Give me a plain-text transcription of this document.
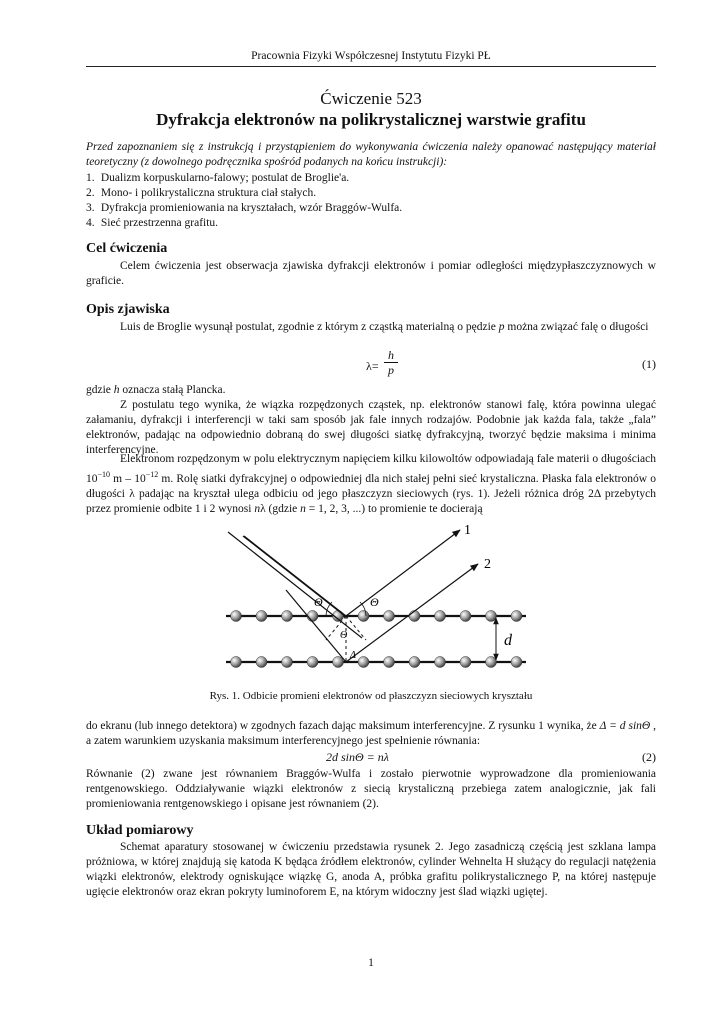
Pracownia Fizyki Współczesnej Instytutu Fizyki PŁ
Ćwiczenie 523
Dyfrakcja elektronów na polikrystalicznej warstwie grafitu

Przed zapoznaniem się z instrukcją i przystąpieniem do wykonywania ćwiczenia należy opanować następujący materiał teoretyczny (z dowolnego podręcznika spośród podanych na końcu instrukcji):

1. Dualizm korpuskularno-falowy; postulat de Broglie'a.
2. Mono- i polikrystaliczna struktura ciał stałych.
3. Dyfrakcja promieniowania na kryształach, wzór Braggów-Wulfa.
4. Sieć przestrzenna grafitu.
Cel ćwiczenia

Celem ćwiczenia jest obserwacja zjawiska dyfrakcji elektronów i pomiar odległości międzypłaszczyznowych w graficie.

Opis zjawiska

Luis de Broglie wysunął postulat, zgodnie z którym z cząstką materialną o pędzie p można związać falę o długości

$\lambda= \frac{h}{p}$	(1)

gdzie h oznacza stałą Plancka.

Z postulatu tego wynika, że wiązka rozpędzonych cząstek, np. elektronów stanowi falę, która powinna ulegać załamaniu, dyfrakcji i interferencji w taki sam sposób jak fale innych rodzajów. Podobnie jak każda fala, także „fala” elektronów, padając na odpowiednio dobraną do swej długości siatkę dyfrakcyjną, tworzyć będzie maksima i minima interferencyjne.

Elektronom rozpędzonym w polu elektrycznym napięciem kilku kilowoltów odpowiadają fale materii o długościach $10^{-10}$ m – $10^{-12}$ m. Rolę siatki dyfrakcyjnej o odpowiedniej dla nich stałej pełni sieć krystaliczna. Płaska fala elektronów o długości λ padając na kryształ ulega odbiciu od jego płaszczyzn sieciowych (rys. 1). Jeżeli różnica dróg 2Δ przebytych przez promienie odbite 1 i 2 wynosi nλ (gdzie n = 1, 2, 3, ...) to promienie te docierają

1
2
Θ	Θ
Θ
Δ
d
Rys. 1. Odbicie promieni elektronów od płaszczyzn sieciowych kryształu

do ekranu (lub innego detektora) w zgodnych fazach dając maksimum interferencyjne. Z rysunku 1 wynika, że Δ = d sinΘ , a zatem warunkiem uzyskania maksimum interferencyjnego jest spełnienie równania:

2d sinΘ = nλ	(2)

Równanie (2) zwane jest równaniem Braggów-Wulfa i zostało pierwotnie wyprowadzone dla promieniowania rentgenowskiego. Oddziaływanie wiązki elektronów z siecią krystaliczną przebiega zatem analogicznie, jak fali promieniowania rentgenowskiego i opisane jest równaniem (2).

Układ pomiarowy

Schemat aparatury stosowanej w ćwiczeniu przedstawia rysunek 2. Jego zasadniczą częścią jest szklana lampa próżniowa, w której znajdują się katoda K będąca źródłem elektronów, cylinder Wehnelta H służący do regulacji natężenia wiązki elektronów, elektrody ogniskujące wiązkę G, anoda A, próbka grafitu polikrystalicznego P, na której następuje ugięcie elektronów oraz ekran pokryty luminoforem E, na którym widoczny jest ślad wiązki ugiętej.

1
